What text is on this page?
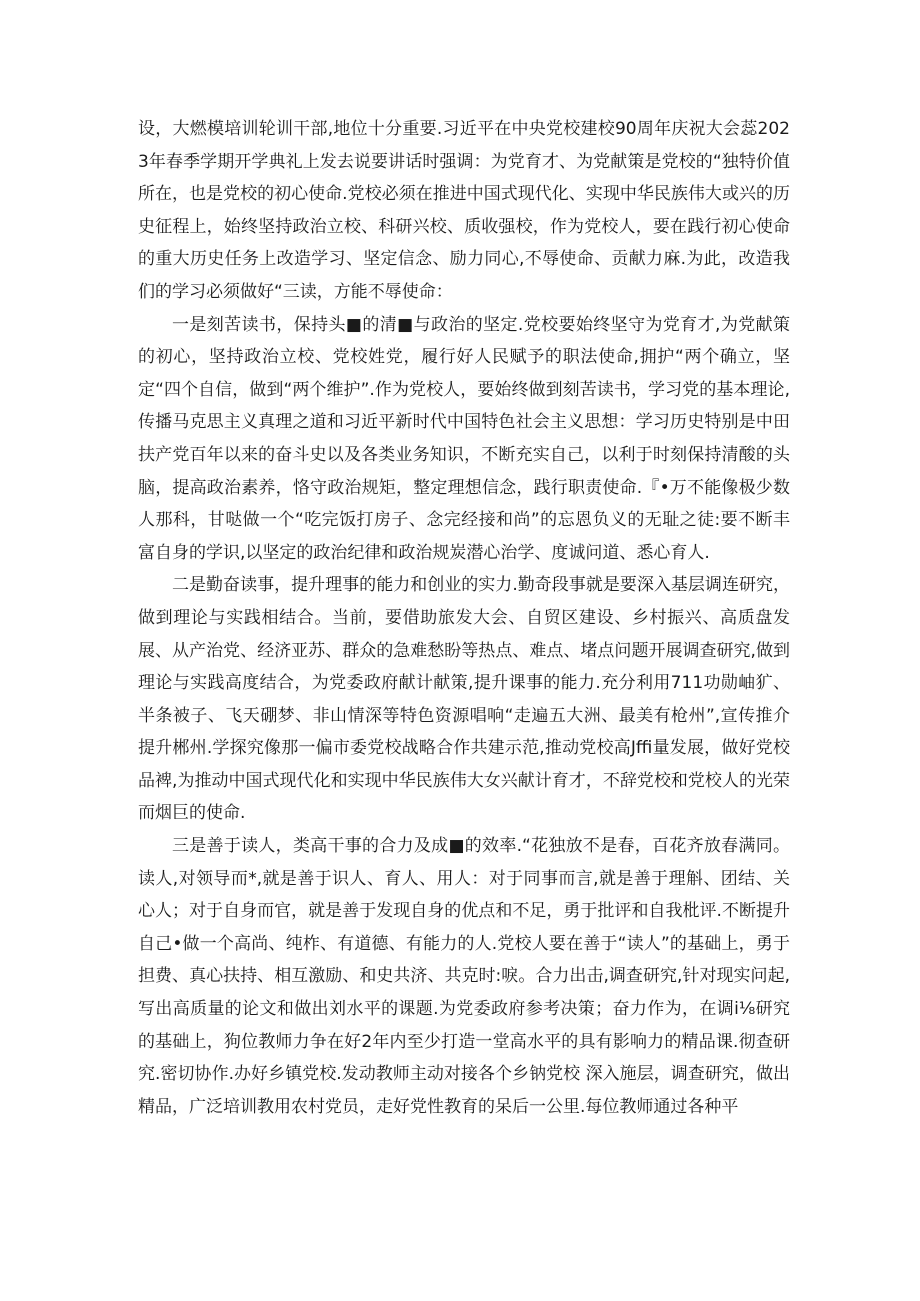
设，大燃模培训轮训干部,地位十分重要.习近平在中央党校建校90周年庆祝大会蕊2023年春季学期开学典礼上发去说要讲话时强调：为党育才、为党献策是党校的“独特价值所在，也是党校的初心使命.党校必须在推进中国式现代化、实现中华民族伟大或兴的历史征程上，始终坚持政治立校、科研兴校、质收强校，作为党校人，要在践行初心使命的重大历史任务上改造学习、坚定信念、励力同心,不辱使命、贡献力麻.为此，改造我们的学习必须做好“三读，方能不辱使命：

一是刻苦读书，保持头■的清■与政治的坚定.党校要始终坚守为党育才,为党献策的初心，坚持政治立校、党校姓党，履行好人民赋予的职法使命,拥护“两个确立，坚定“四个自信，做到“两个维护”.作为党校人，要始终做到刻苦读书，学习党的基本理论,传播马克思主义真理之道和习近平新时代中国特色社会主义思想：学习历史特别是中田扶产党百年以来的奋斗史以及各类业务知识，不断充实自己，以利于时刻保持清酸的头脑，提高政治素养，恪守政治规矩，整定理想信念，践行职责使命.『•万不能像极少数人那科，甘哒做一个“吃完饭打房子、念完经接和尚”的忘恩负义的无耻之徒:要不断丰富自身的学识,以坚定的政治纪律和政治规炭潜心治学、度诚问道、悉心育人.

二是勤奋读事，提升理事的能力和创业的实力.勤奇段事就是要深入基层调连研究，做到理论与实践相结合。当前，要借助旅发大会、自贸区建设、乡村振兴、高质盘发展、从产治党、经济亚苏、群众的急难愁盼等热点、难点、堵点问题开展调查研究,做到理论与实践高度结合，为党委政府献计献策,提升课事的能力.充分利用711功勋岫犷、半条被子、飞天硼梦、非山情深等特色资源唱响“走遍五大洲、最美有枪州”,宣传推介提升郴州.学探究像那一偏市委党校战略合作共建示范,推动党校高Jffi量发展，做好党校品裨,为推动中国式现代化和实现中华民族伟大女兴献计育才，不辞党校和党校人的光荣而烟巨的使命.

三是善于读人，类高干事的合力及成■的效率.“花独放不是春，百花齐放春满同。读人,对领导而*,就是善于识人、育人、用人：对于同事而言,就是善于理斛、团结、关心人；对于自身而官，就是善于发现自身的优点和不足，勇于批评和自我枇评.不断提升自己•做一个高尚、纯柞、有道德、有能力的人.党校人要在善于“读人”的基础上，勇于担费、真心扶持、相互激励、和史共济、共克时:唳。合力出击,调查研究,针对现实问起,写出高质量的论文和做出刘水平的课题.为党委政府参考决策；奋力作为，在调i⅛研究的基础上，狗位教师力争在好2年内至少打造一堂高水平的具有影响力的精品课.彻查研究.密切协作.办好乡镇党校.发动教师主动对接各个乡钠党校 深入施层，调查研究，做出精品，广泛培训教用农村党员，走好党性教育的呆后一公里.每位教师通过各种平
